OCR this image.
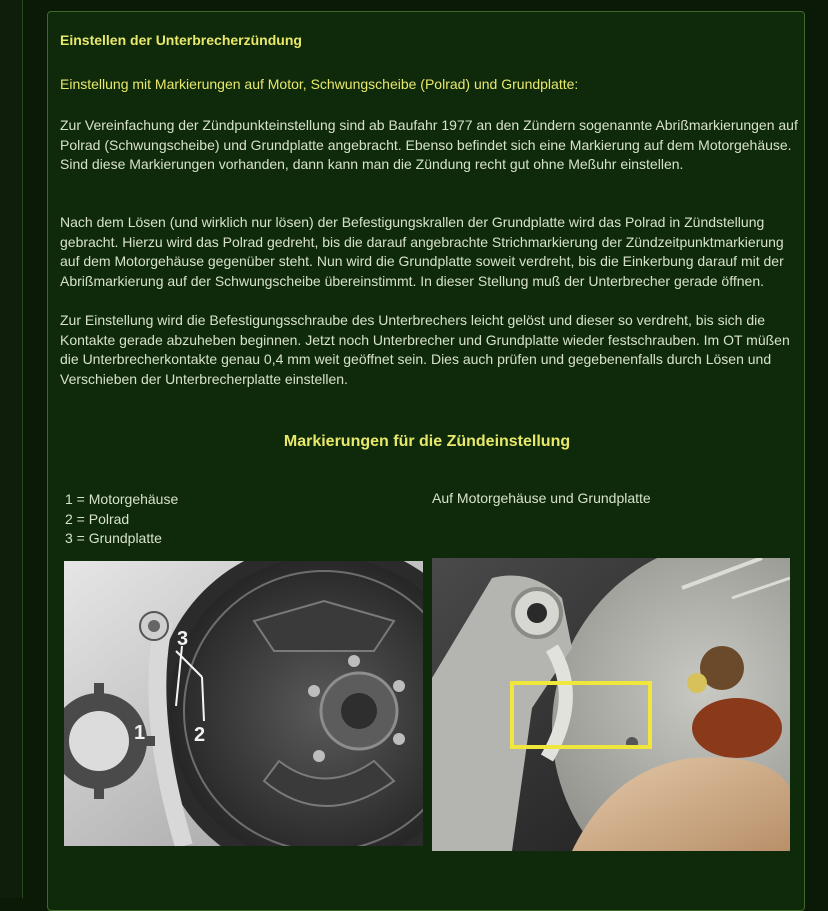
Einstellen der Unterbrecherzündung
Einstellung mit Markierungen auf Motor, Schwungscheibe (Polrad) und Grundplatte:
Zur Vereinfachung der Zündpunkteinstellung sind ab Baufahr 1977 an den Zündern sogenannte Abrißmarkierungen auf Polrad (Schwungscheibe) und Grundplatte angebracht. Ebenso befindet sich eine Markierung auf dem Motorgehäuse. Sind diese Markierungen vorhanden, dann kann man die Zündung recht gut ohne Meßuhr einstellen.
Nach dem Lösen (und wirklich nur lösen) der Befestigungskrallen der Grundplatte wird das Polrad in Zündstellung gebracht. Hierzu wird das Polrad gedreht, bis die darauf angebrachte Strichmarkierung der Zündzeitpunktmarkierung auf dem Motorgehäuse gegenüber steht. Nun wird die Grundplatte soweit verdreht, bis die Einkerbung darauf mit der Abrißmarkierung auf der Schwungscheibe übereinstimmt. In dieser Stellung muß der Unterbrecher gerade öffnen.
Zur Einstellung wird die Befestigungsschraube des Unterbrechers leicht gelöst und dieser so verdreht, bis sich die Kontakte gerade abzuheben beginnen. Jetzt noch Unterbrecher und Grundplatte wieder festschrauben. Im OT müßen die Unterbrecherkontakte genau 0,4 mm weit geöffnet sein. Dies auch prüfen und gegebenenfalls durch Lösen und Verschieben der Unterbrecherplatte einstellen.
Markierungen für die Zündeinstellung
1 = Motorgehäuse
2 = Polrad
3 = Grundplatte
Auf Motorgehäuse und Grundplatte
1 2
3
